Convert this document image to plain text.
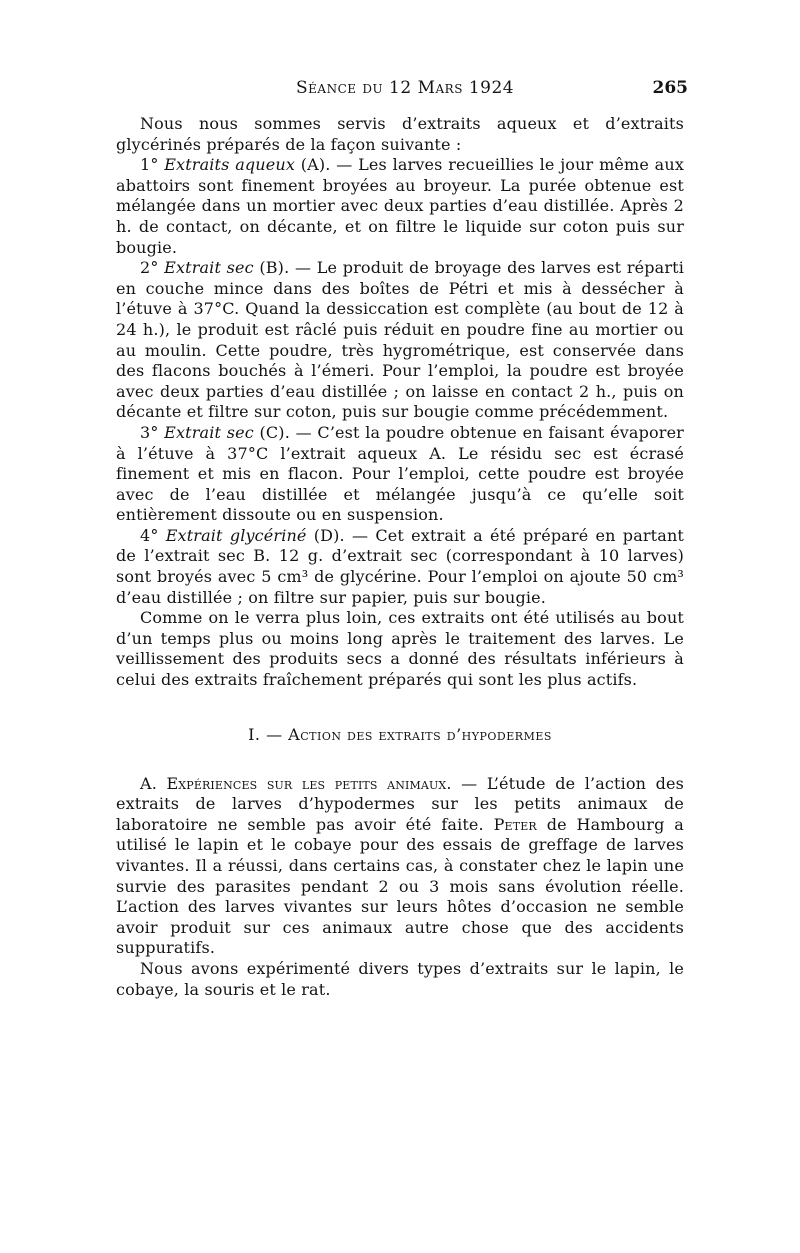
Séance du 12 Mars 1924	265

Nous nous sommes servis d’extraits aqueux et d’extraits glycérinés préparés de la façon suivante :

1° Extraits aqueux (A). — Les larves recueillies le jour même aux abattoirs sont finement broyées au broyeur. La purée obtenue est mélangée dans un mortier avec deux parties d’eau distillée. Après 2 h. de contact, on décante, et on filtre le liquide sur coton puis sur bougie.

2° Extrait sec (B). — Le produit de broyage des larves est réparti en couche mince dans des boîtes de Pétri et mis à dessécher à l’étuve à 37°C. Quand la dessiccation est complète (au bout de 12 à 24 h.), le produit est râclé puis réduit en poudre fine au mortier ou au moulin. Cette poudre, très hygrométrique, est conservée dans des flacons bouchés à l’émeri. Pour l’emploi, la poudre est broyée avec deux parties d’eau distillée ; on laisse en contact 2 h., puis on décante et filtre sur coton, puis sur bougie comme précédemment.

3° Extrait sec (C). — C’est la poudre obtenue en faisant évaporer à l’étuve à 37°C l’extrait aqueux A. Le résidu sec est écrasé finement et mis en flacon. Pour l’emploi, cette poudre est broyée avec de l’eau distillée et mélangée jusqu’à ce qu’elle soit entièrement dissoute ou en suspension.

4° Extrait glycériné (D). — Cet extrait a été préparé en partant de l’extrait sec B. 12 g. d’extrait sec (correspondant à 10 larves) sont broyés avec 5 cm³ de glycérine. Pour l’emploi on ajoute 50 cm³ d’eau distillée ; on filtre sur papier, puis sur bougie.

Comme on le verra plus loin, ces extraits ont été utilisés au bout d’un temps plus ou moins long après le traitement des larves. Le veillissement des produits secs a donné des résultats inférieurs à celui des extraits fraîchement préparés qui sont les plus actifs.

I. — Action des extraits d’hypodermes

A. Expériences sur les petits animaux. — L’étude de l’action des extraits de larves d’hypodermes sur les petits animaux de laboratoire ne semble pas avoir été faite. Peter de Hambourg a utilisé le lapin et le cobaye pour des essais de greffage de larves vivantes. Il a réussi, dans certains cas, à constater chez le lapin une survie des parasites pendant 2 ou 3 mois sans évolution réelle. L’action des larves vivantes sur leurs hôtes d’occasion ne semble avoir produit sur ces animaux autre chose que des accidents suppuratifs.

Nous avons expérimenté divers types d’extraits sur le lapin, le cobaye, la souris et le rat.
